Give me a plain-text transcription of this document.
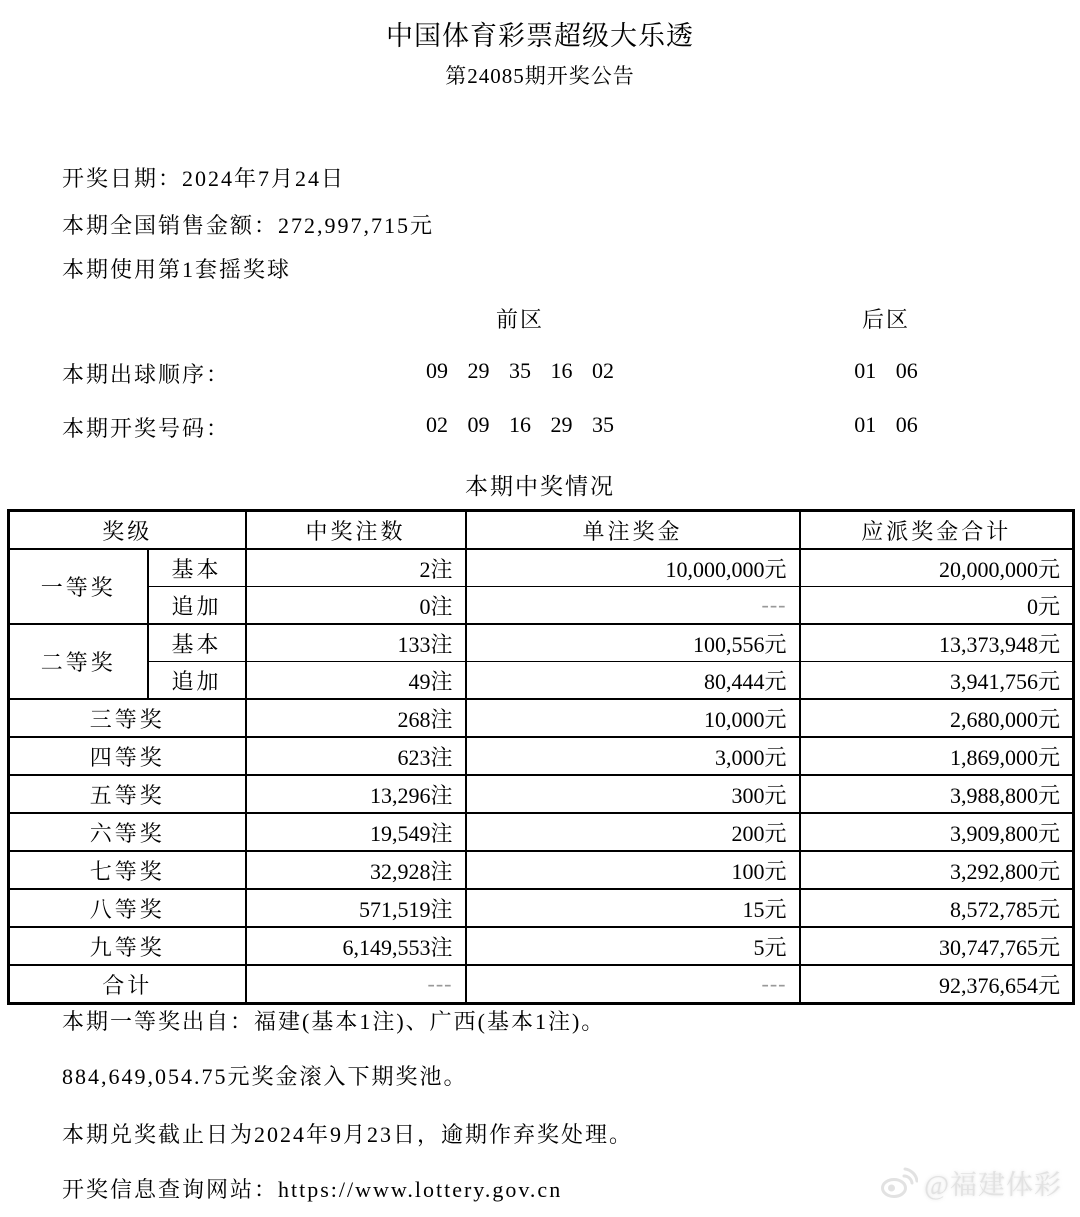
中国体育彩票超级大乐透
第24085期开奖公告
开奖日期：2024年7月24日
本期全国销售金额：272,997,715元
本期使用第1套摇奖球
前区	后区
本期出球顺序：	09 29 35 16 02	01 06
本期开奖号码：	02 09 16 29 35	01 06
本期中奖情况
奖级		中奖注数	单注奖金	应派奖金合计
一等奖	基本	2注	10,000,000元	20,000,000元
	追加	0注	---	0元
二等奖	基本	133注	100,556元	13,373,948元
	追加	49注	80,444元	3,941,756元
三等奖		268注	10,000元	2,680,000元
四等奖		623注	3,000元	1,869,000元
五等奖		13,296注	300元	3,988,800元
六等奖		19,549注	200元	3,909,800元
七等奖		32,928注	100元	3,292,800元
八等奖		571,519注	15元	8,572,785元
九等奖		6,149,553注	5元	30,747,765元
合计		---	---	92,376,654元
本期一等奖出自：福建(基本1注)、广西(基本1注)。
884,649,054.75元奖金滚入下期奖池。
本期兑奖截止日为2024年9月23日，逾期作弃奖处理。
开奖信息查询网站：https://www.lottery.gov.cn	@福建体彩
